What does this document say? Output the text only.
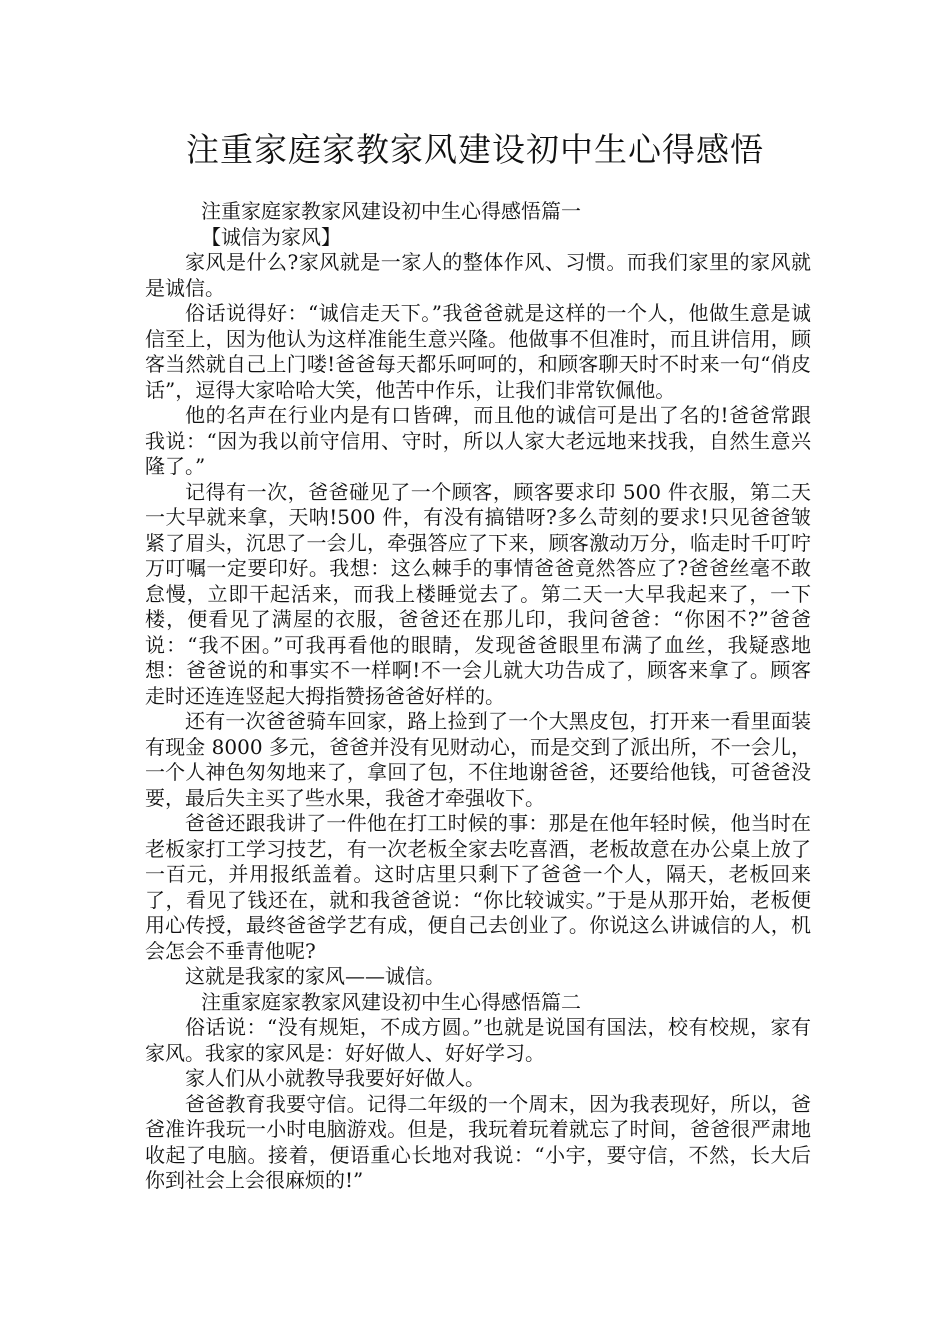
注重家庭家教家风建设初中生心得感悟

注重家庭家教家风建设初中生心得感悟篇一

【诚信为家风】

家风是什么?家风就是一家人的整体作风、习惯。而我们家里的家风就是诚信。

俗话说得好：“诚信走天下。”我爸爸就是这样的一个人，他做生意是诚信至上，因为他认为这样准能生意兴隆。他做事不但准时，而且讲信用，顾客当然就自己上门喽!爸爸每天都乐呵呵的，和顾客聊天时不时来一句“俏皮话”，逗得大家哈哈大笑，他苦中作乐，让我们非常钦佩他。

他的名声在行业内是有口皆碑，而且他的诚信可是出了名的!爸爸常跟我说：“因为我以前守信用、守时，所以人家大老远地来找我，自然生意兴隆了。”

记得有一次，爸爸碰见了一个顾客，顾客要求印 500 件衣服，第二天一大早就来拿，天呐!500 件，有没有搞错呀?多么苛刻的要求!只见爸爸皱紧了眉头，沉思了一会儿，牵强答应了下来，顾客激动万分，临走时千叮咛万叮嘱一定要印好。我想：这么棘手的事情爸爸竟然答应了?爸爸丝毫不敢怠慢，立即干起活来，而我上楼睡觉去了。第二天一大早我起来了，一下楼，便看见了满屋的衣服，爸爸还在那儿印，我问爸爸：“你困不?”爸爸说：“我不困。”可我再看他的眼睛，发现爸爸眼里布满了血丝，我疑惑地想：爸爸说的和事实不一样啊!不一会儿就大功告成了，顾客来拿了。顾客走时还连连竖起大拇指赞扬爸爸好样的。

还有一次爸爸骑车回家，路上捡到了一个大黑皮包，打开来一看里面装有现金 8000 多元，爸爸并没有见财动心，而是交到了派出所，不一会儿，一个人神色匆匆地来了，拿回了包，不住地谢爸爸，还要给他钱，可爸爸没要，最后失主买了些水果，我爸才牵强收下。

爸爸还跟我讲了一件他在打工时候的事：那是在他年轻时候，他当时在老板家打工学习技艺，有一次老板全家去吃喜酒，老板故意在办公桌上放了一百元，并用报纸盖着。这时店里只剩下了爸爸一个人，隔天，老板回来了，看见了钱还在，就和我爸爸说：“你比较诚实。”于是从那开始，老板便用心传授，最终爸爸学艺有成，便自己去创业了。你说这么讲诚信的人，机会怎会不垂青他呢?

这就是我家的家风——诚信。

注重家庭家教家风建设初中生心得感悟篇二

俗话说：“没有规矩，不成方圆。”也就是说国有国法，校有校规，家有家风。我家的家风是：好好做人、好好学习。

家人们从小就教导我要好好做人。

爸爸教育我要守信。记得二年级的一个周末，因为我表现好，所以，爸爸准许我玩一小时电脑游戏。但是，我玩着玩着就忘了时间，爸爸很严肃地收起了电脑。接着，便语重心长地对我说：“小宇，要守信，不然，长大后你到社会上会很麻烦的!”
